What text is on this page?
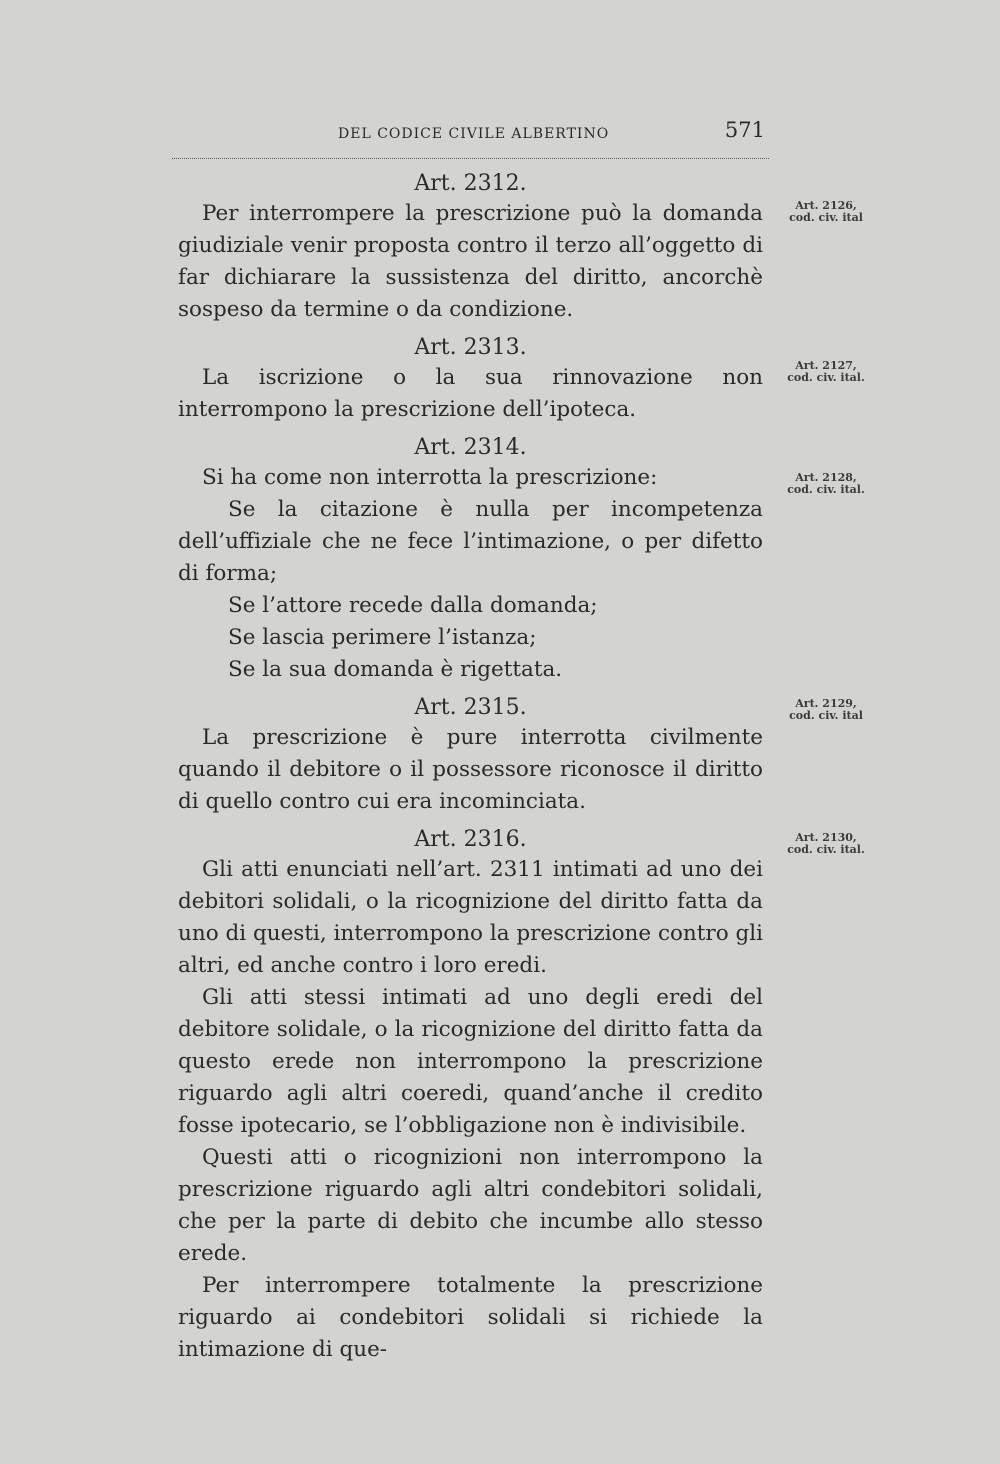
DEL CODICE CIVILE ALBERTINO	571

Art. 2312.

Per interrompere la prescrizione può la domanda giudiziale venir proposta contro il terzo all’oggetto di far dichiarare la sussistenza del diritto, ancorchè sospeso da termine o da condizione.

Art. 2313.

La iscrizione o la sua rinnovazione non interrompono la prescrizione dell’ipoteca.

Art. 2314.

Si ha come non interrotta la prescrizione:

Se la citazione è nulla per incompetenza dell’uffiziale che ne fece l’intimazione, o per difetto di forma;

Se l’attore recede dalla domanda;

Se lascia perimere l’istanza;

Se la sua domanda è rigettata.

Art. 2315.

La prescrizione è pure interrotta civilmente quando il debitore o il possessore riconosce il diritto di quello contro cui era incominciata.

Art. 2316.

Gli atti enunciati nell’art. 2311 intimati ad uno dei debitori solidali, o la ricognizione del diritto fatta da uno di questi, interrompono la prescrizione contro gli altri, ed anche contro i loro eredi.

Gli atti stessi intimati ad uno degli eredi del debitore solidale, o la ricognizione del diritto fatta da questo erede non interrompono la prescrizione riguardo agli altri coeredi, quand’anche il credito fosse ipotecario, se l’obbligazione non è indivisibile.

Questi atti o ricognizioni non interrompono la prescrizione riguardo agli altri condebitori solidali, che per la parte di debito che incumbe allo stesso erede.

Per interrompere totalmente la prescrizione riguardo ai condebitori solidali si richiede la intimazione di que-

Art. 2126,
cod. civ. ital
Art. 2127,
cod. civ. ital.
Art. 2128,
cod. civ. ital.
Art. 2129,
cod. civ. ital
Art. 2130,
cod. civ. ital.
